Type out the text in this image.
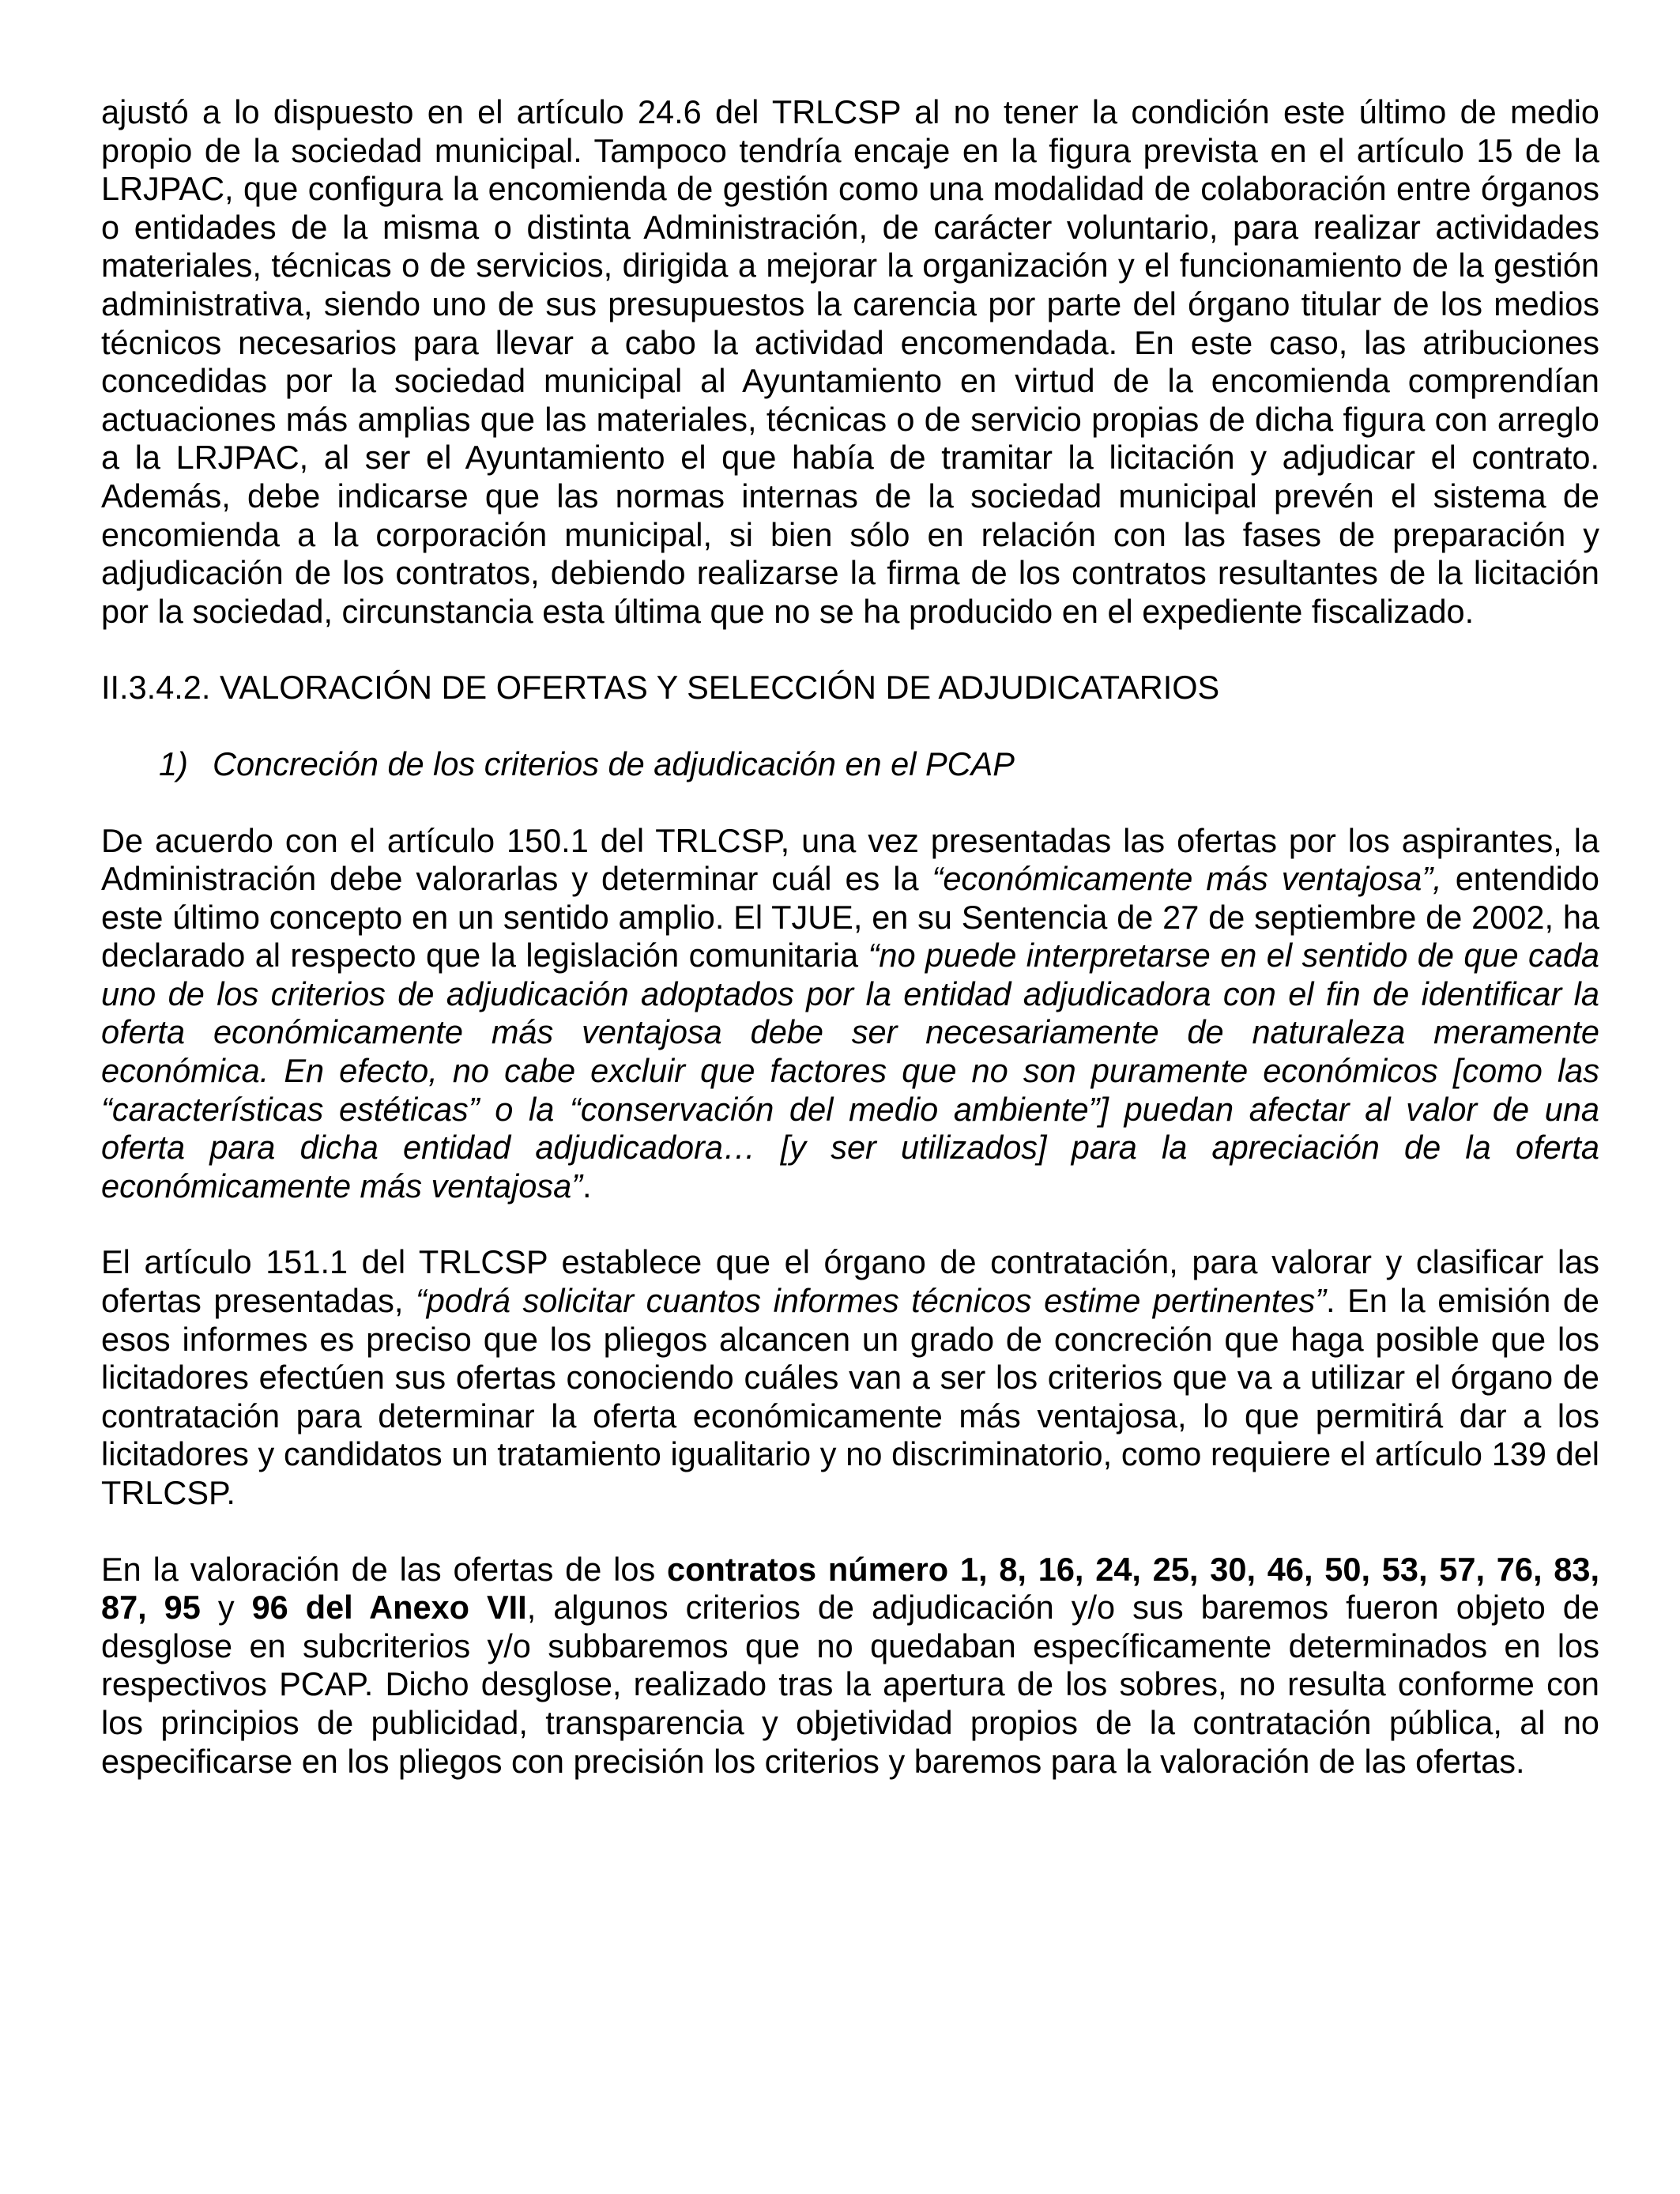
ajustó a lo dispuesto en el artículo 24.6 del TRLCSP al no tener la condición este último de medio propio de la sociedad municipal. Tampoco tendría encaje en la figura prevista en el artículo 15 de la LRJPAC, que configura la encomienda de gestión como una modalidad de colaboración entre órganos o entidades de la misma o distinta Administración, de carácter voluntario, para realizar actividades materiales, técnicas o de servicios, dirigida a mejorar la organización y el funcionamiento de la gestión administrativa, siendo uno de sus presupuestos la carencia por parte del órgano titular de los medios técnicos necesarios para llevar a cabo la actividad encomendada. En este caso, las atribuciones concedidas por la sociedad municipal al Ayuntamiento en virtud de la encomienda comprendían actuaciones más amplias que las materiales, técnicas o de servicio propias de dicha figura con arreglo a la LRJPAC, al ser el Ayuntamiento el que había de tramitar la licitación y adjudicar el contrato. Además, debe indicarse que las normas internas de la sociedad municipal prevén el sistema de encomienda a la corporación municipal, si bien sólo en relación con las fases de preparación y adjudicación de los contratos, debiendo realizarse la firma de los contratos resultantes de la licitación por la sociedad, circunstancia esta última que no se ha producido en el expediente fiscalizado.

II.3.4.2. VALORACIÓN DE OFERTAS Y SELECCIÓN DE ADJUDICATARIOS

1) Concreción de los criterios de adjudicación en el PCAP

De acuerdo con el artículo 150.1 del TRLCSP, una vez presentadas las ofertas por los aspirantes, la Administración debe valorarlas y determinar cuál es la “económicamente más ventajosa”, entendido este último concepto en un sentido amplio. El TJUE, en su Sentencia de 27 de septiembre de 2002, ha declarado al respecto que la legislación comunitaria “no puede interpretarse en el sentido de que cada uno de los criterios de adjudicación adoptados por la entidad adjudicadora con el fin de identificar la oferta económicamente más ventajosa debe ser necesariamente de naturaleza meramente económica. En efecto, no cabe excluir que factores que no son puramente económicos [como las “características estéticas” o la “conservación del medio ambiente”] puedan afectar al valor de una oferta para dicha entidad adjudicadora… [y ser utilizados] para la apreciación de la oferta económicamente más ventajosa”.

El artículo 151.1 del TRLCSP establece que el órgano de contratación, para valorar y clasificar las ofertas presentadas, “podrá solicitar cuantos informes técnicos estime pertinentes”. En la emisión de esos informes es preciso que los pliegos alcancen un grado de concreción que haga posible que los licitadores efectúen sus ofertas conociendo cuáles van a ser los criterios que va a utilizar el órgano de contratación para determinar la oferta económicamente más ventajosa, lo que permitirá dar a los licitadores y candidatos un tratamiento igualitario y no discriminatorio, como requiere el artículo 139 del TRLCSP.

En la valoración de las ofertas de los contratos número 1, 8, 16, 24, 25, 30, 46, 50, 53, 57, 76, 83, 87, 95 y 96 del Anexo VII, algunos criterios de adjudicación y/o sus baremos fueron objeto de desglose en subcriterios y/o subbaremos que no quedaban específicamente determinados en los respectivos PCAP. Dicho desglose, realizado tras la apertura de los sobres, no resulta conforme con los principios de publicidad, transparencia y objetividad propios de la contratación pública, al no especificarse en los pliegos con precisión los criterios y baremos para la valoración de las ofertas.
